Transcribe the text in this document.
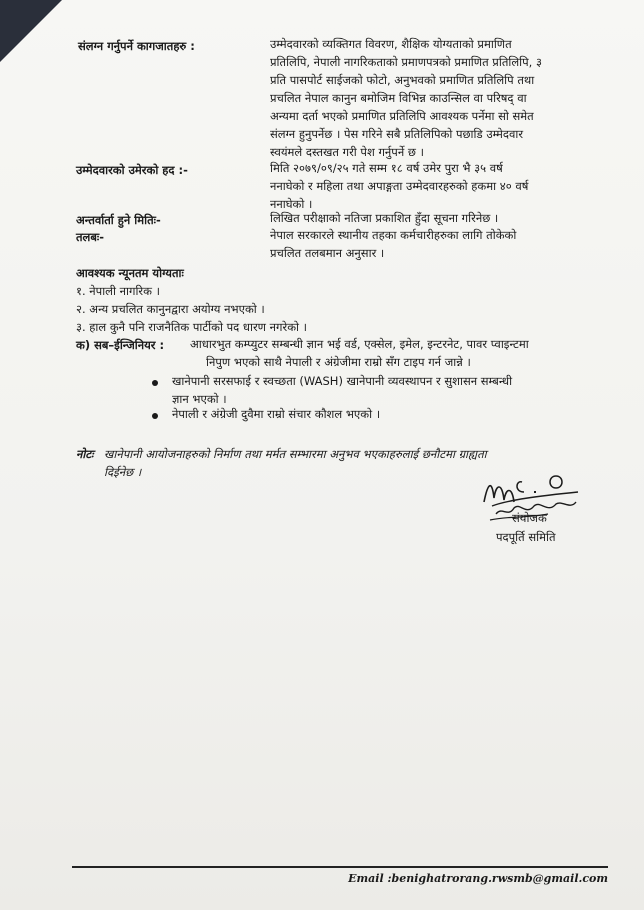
संलग्न गर्नुपर्ने कागजातहरु :	उम्मेदवारको व्यक्तिगत विवरण, शैक्षिक योग्यताको प्रमाणित
प्रतिलिपि, नेपाली नागरिकताको प्रमाणपत्रको प्रमाणित प्रतिलिपि, ३
प्रति पासपोर्ट साईजको फोटो, अनुभवको प्रमाणित प्रतिलिपि तथा
प्रचलित नेपाल कानुन बमोजिम विभिन्न काउन्सिल वा परिषद् वा
अन्यमा दर्ता भएको प्रमाणित प्रतिलिपि आवश्यक पर्नेमा सो समेत
संलग्न हुनुपर्नेछ । पेस गरिने सबै प्रतिलिपिको पछाडि उम्मेदवार
स्वयंमले दस्तखत गरी पेश गर्नुपर्ने छ ।
उम्मेदवारको उमेरको हद :-	मिति २०७९/०९/२५ गते सम्म १८ वर्ष उमेर पुरा भै ३५ वर्ष
ननाघेको र महिला तथा अपाङ्गता उम्मेदवारहरुको हकमा ४० वर्ष
ननाघेको ।
अन्तर्वार्ता हुने मितिः-	लिखित परीक्षाको नतिजा प्रकाशित हुँदा सूचना गरिनेछ ।
तलबः-	नेपाल सरकारले स्थानीय तहका कर्मचारीहरुका लागि तोकेको
प्रचलित तलबमान अनुसार ।
आवश्यक न्यूनतम योग्यताः
१. नेपाली नागरिक ।
२. अन्य प्रचलित कानुनद्वारा अयोग्य नभएको ।
३. हाल कुनै पनि राजनैतिक पार्टीको पद धारण नगरेको ।
क) सब–ईन्जिनियर : आधारभुत कम्प्युटर सम्बन्धी ज्ञान भई वर्ड, एक्सेल, इमेल, इन्टरनेट, पावर प्वाइन्टमा
निपुण भएको साथै नेपाली र अंग्रेजीमा राम्रो सँग टाइप गर्न जान्ने ।
खानेपानी सरसफाई र स्वच्छता (WASH) खानेपानी व्यवस्थापन र सुशासन सम्बन्धी
ज्ञान भएको ।
नेपाली र अंग्रेजी दुवैमा राम्रो संचार कौशल भएको ।
नोटः खानेपानी आयोजनाहरुको निर्माण तथा मर्मत सम्भारमा अनुभव भएकाहरुलाई छनौटमा ग्राह्यता
दिईनेछ ।
संयोजक
पदपूर्ति समिति
Email :benighatrorang.rwsmb@gmail.com
